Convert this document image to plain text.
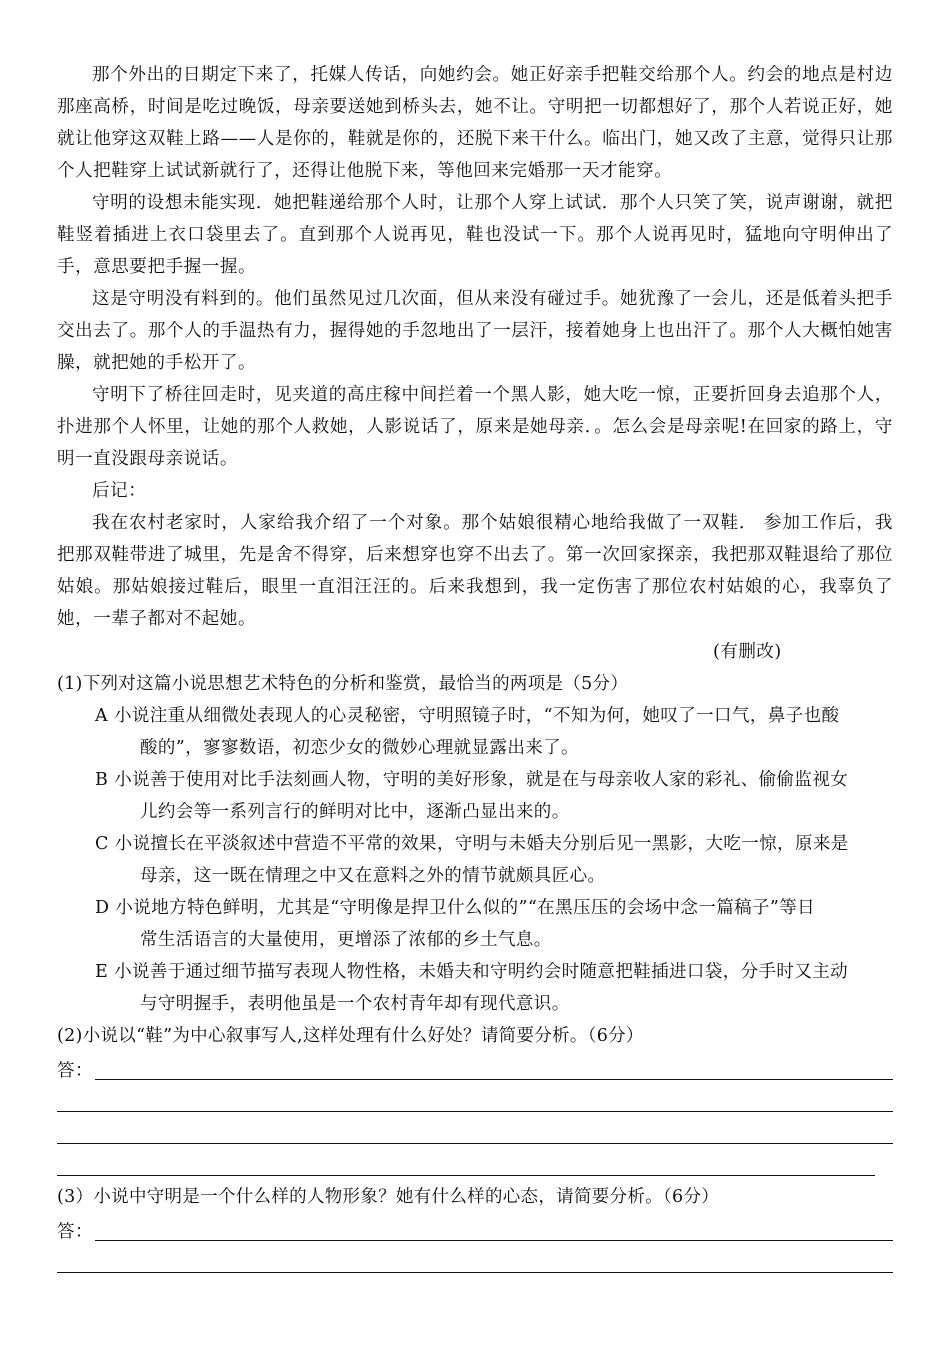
那个外出的日期定下来了，托媒人传话，向她约会。她正好亲手把鞋交给那个人。约会的地点是村边那座高桥，时间是吃过晚饭，母亲要送她到桥头去，她不让。守明把一切都想好了，那个人若说正好，她就让他穿这双鞋上路——人是你的，鞋就是你的，还脱下来干什么。临出门，她又改了主意，觉得只让那个人把鞋穿上试试新就行了，还得让他脱下来，等他回来完婚那一天才能穿。

守明的设想未能实现．她把鞋递给那个人时，让那个人穿上试试．那个人只笑了笑，说声谢谢，就把鞋竖着插进上衣口袋里去了。直到那个人说再见，鞋也没试一下。那个人说再见时，猛地向守明伸出了手，意思要把手握一握。

这是守明没有料到的。他们虽然见过几次面，但从来没有碰过手。她犹豫了一会儿，还是低着头把手交出去了。那个人的手温热有力，握得她的手忽地出了一层汗，接着她身上也出汗了。那个人大概怕她害臊，就把她的手松开了。

守明下了桥往回走时，见夹道的高庄稼中间拦着一个黑人影，她大吃一惊，正要折回身去追那个人，扑进那个人怀里，让她的那个人救她，人影说话了，原来是她母亲．。怎么会是母亲呢!在回家的路上，守明一直没跟母亲说话。

后记：

我在农村老家时，人家给我介绍了一个对象。那个姑娘很精心地给我做了一双鞋． 参加工作后，我把那双鞋带进了城里，先是舍不得穿，后来想穿也穿不出去了。第一次回家探亲，我把那双鞋退给了那位姑娘。那姑娘接过鞋后，眼里一直泪汪汪的。后来我想到，我一定伤害了那位农村姑娘的心，我辜负了她，一辈子都对不起她。

(有删改)

(1)下列对这篇小说思想艺术特色的分析和鉴赏，最恰当的两项是（5分）

A 小说注重从细微处表现人的心灵秘密，守明照镜子时，“不知为何，她叹了一口气，鼻子也酸
酸的”，寥寥数语，初恋少女的微妙心理就显露出来了。
B 小说善于使用对比手法刻画人物，守明的美好形象，就是在与母亲收人家的彩礼、偷偷监视女
儿约会等一系列言行的鲜明对比中，逐渐凸显出来的。
C 小说擅长在平淡叙述中营造不平常的效果，守明与未婚夫分别后见一黑影，大吃一惊，原来是
母亲，这一既在情理之中又在意料之外的情节就颇具匠心。
D 小说地方特色鲜明，尤其是“守明像是捍卫什么似的”“在黑压压的会场中念一篇稿子”等日
常生活语言的大量使用，更增添了浓郁的乡土气息。
E 小说善于通过细节描写表现人物性格，未婚夫和守明约会时随意把鞋插进口袋，分手时又主动
与守明握手，表明他虽是一个农村青年却有现代意识。

(2)小说以“鞋”为中心叙事写人,这样处理有什么好处？请简要分析。（6分）

答：

(3）小说中守明是一个什么样的人物形象？她有什么样的心态，请简要分析。（6分）

答：
